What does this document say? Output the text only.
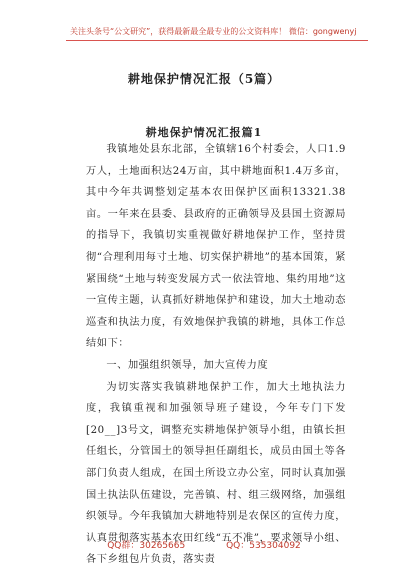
关注头条号“公文研究”，获得最新最全最专业的公文资料库！ 微信：gongwenyj
耕地保护情况汇报（5篇）
耕地保护情况汇报篇1

我镇地处县东北部，全镇辖16个村委会，人口1.9万人，土地面积达24万亩，其中耕地面积1.4万多亩，其中今年共调整划定基本农田保护区面积13321.38亩。一年来在县委、县政府的正确领导及县国土资源局的指导下，我镇切实重视做好耕地保护工作，坚持贯彻“合理利用每寸土地、切实保护耕地”的基本国策，紧紧围绕“土地与转变发展方式一依法管地、集约用地”这一宣传主题，认真抓好耕地保护和建设，加大土地动态巡查和执法力度，有效地保护我镇的耕地，具体工作总结如下：

一、加强组织领导，加大宣传力度

为切实落实我镇耕地保护工作，加大土地执法力度，我镇重视和加强领导班子建设，今年专门下发[20__]3号文，调整充实耕地保护领导小组，由镇长担任组长，分管国土的领导担任副组长，成员由国土等各部门负责人组成，在国土所设立办公室，同时认真加强国土执法队伍建设，完善镇、村、组三级网络，加强组织领导。今年我镇加大耕地特别是农保区的宣传力度，认真贯彻落实基本农田红线“五不准”，要求领导小组、各下乡组包片负责，落实责

QQ群：30265665	QQ：535304092
